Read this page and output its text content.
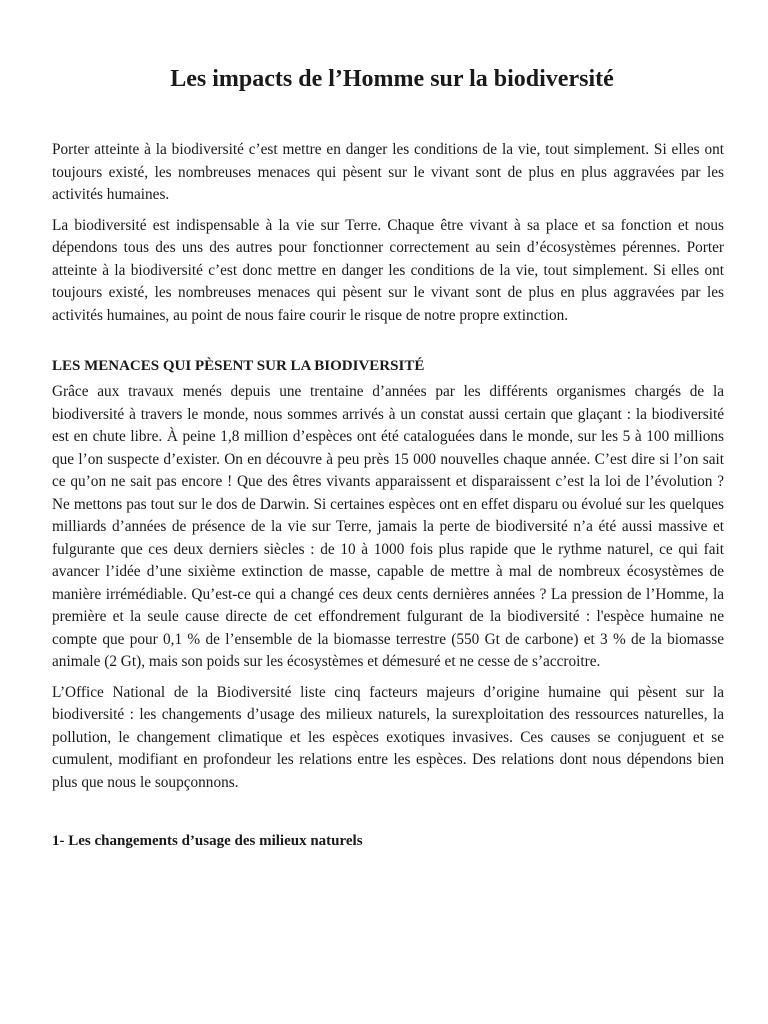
Les impacts de l’Homme sur la biodiversité

Porter atteinte à la biodiversité c’est mettre en danger les conditions de la vie, tout simplement. Si elles ont toujours existé, les nombreuses menaces qui pèsent sur le vivant sont de plus en plus aggravées par les activités humaines.

La biodiversité est indispensable à la vie sur Terre. Chaque être vivant à sa place et sa fonction et nous dépendons tous des uns des autres pour fonctionner correctement au sein d’écosystèmes pérennes. Porter atteinte à la biodiversité c’est donc mettre en danger les conditions de la vie, tout simplement. Si elles ont toujours existé, les nombreuses menaces qui pèsent sur le vivant sont de plus en plus aggravées par les activités humaines, au point de nous faire courir le risque de notre propre extinction.

LES MENACES QUI PÈSENT SUR LA BIODIVERSITÉ

Grâce aux travaux menés depuis une trentaine d’années par les différents organismes chargés de la biodiversité à travers le monde, nous sommes arrivés à un constat aussi certain que glaçant : la biodiversité est en chute libre. À peine 1,8 million d’espèces ont été cataloguées dans le monde, sur les 5 à 100 millions que l’on suspecte d’exister. On en découvre à peu près 15 000 nouvelles chaque année. C’est dire si l’on sait ce qu’on ne sait pas encore ! Que des êtres vivants apparaissent et disparaissent c’est la loi de l’évolution ? Ne mettons pas tout sur le dos de Darwin. Si certaines espèces ont en effet disparu ou évolué sur les quelques milliards d’années de présence de la vie sur Terre, jamais la perte de biodiversité n’a été aussi massive et fulgurante que ces deux derniers siècles : de 10 à 1000 fois plus rapide que le rythme naturel, ce qui fait avancer l’idée d’une sixième extinction de masse, capable de mettre à mal de nombreux écosystèmes de manière irrémédiable. Qu’est-ce qui a changé ces deux cents dernières années ? La pression de l’Homme, la première et la seule cause directe de cet effondrement fulgurant de la biodiversité : l'espèce humaine ne compte que pour 0,1 % de l’ensemble de la biomasse terrestre (550 Gt de carbone) et 3 % de la biomasse animale (2 Gt), mais son poids sur les écosystèmes et démesuré et ne cesse de s’accroitre.

L’Office National de la Biodiversité liste cinq facteurs majeurs d’origine humaine qui pèsent sur la biodiversité : les changements d’usage des milieux naturels, la surexploitation des ressources naturelles, la pollution, le changement climatique et les espèces exotiques invasives. Ces causes se conjuguent et se cumulent, modifiant en profondeur les relations entre les espèces. Des relations dont nous dépendons bien plus que nous le soupçonnons.

1- Les changements d’usage des milieux naturels
